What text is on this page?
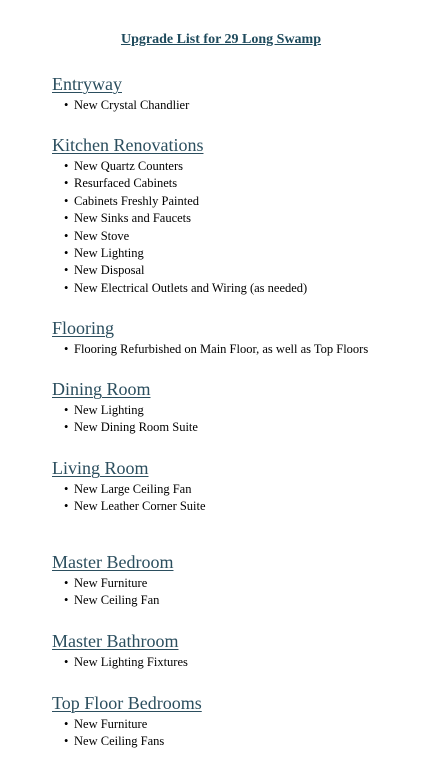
Upgrade List for 29 Long Swamp
Entryway
• New Crystal Chandlier
Kitchen Renovations
• New Quartz Counters
• Resurfaced Cabinets
• Cabinets Freshly Painted
• New Sinks and Faucets
• New Stove
• New Lighting
• New Disposal
• New Electrical Outlets and Wiring (as needed)
Flooring
• Flooring Refurbished on Main Floor, as well as Top Floors
Dining Room
• New Lighting
• New Dining Room Suite
Living Room
• New Large Ceiling Fan
• New Leather Corner Suite
Master Bedroom
• New Furniture
• New Ceiling Fan
Master Bathroom
• New Lighting Fixtures
Top Floor Bedrooms
• New Furniture
• New Ceiling Fans
